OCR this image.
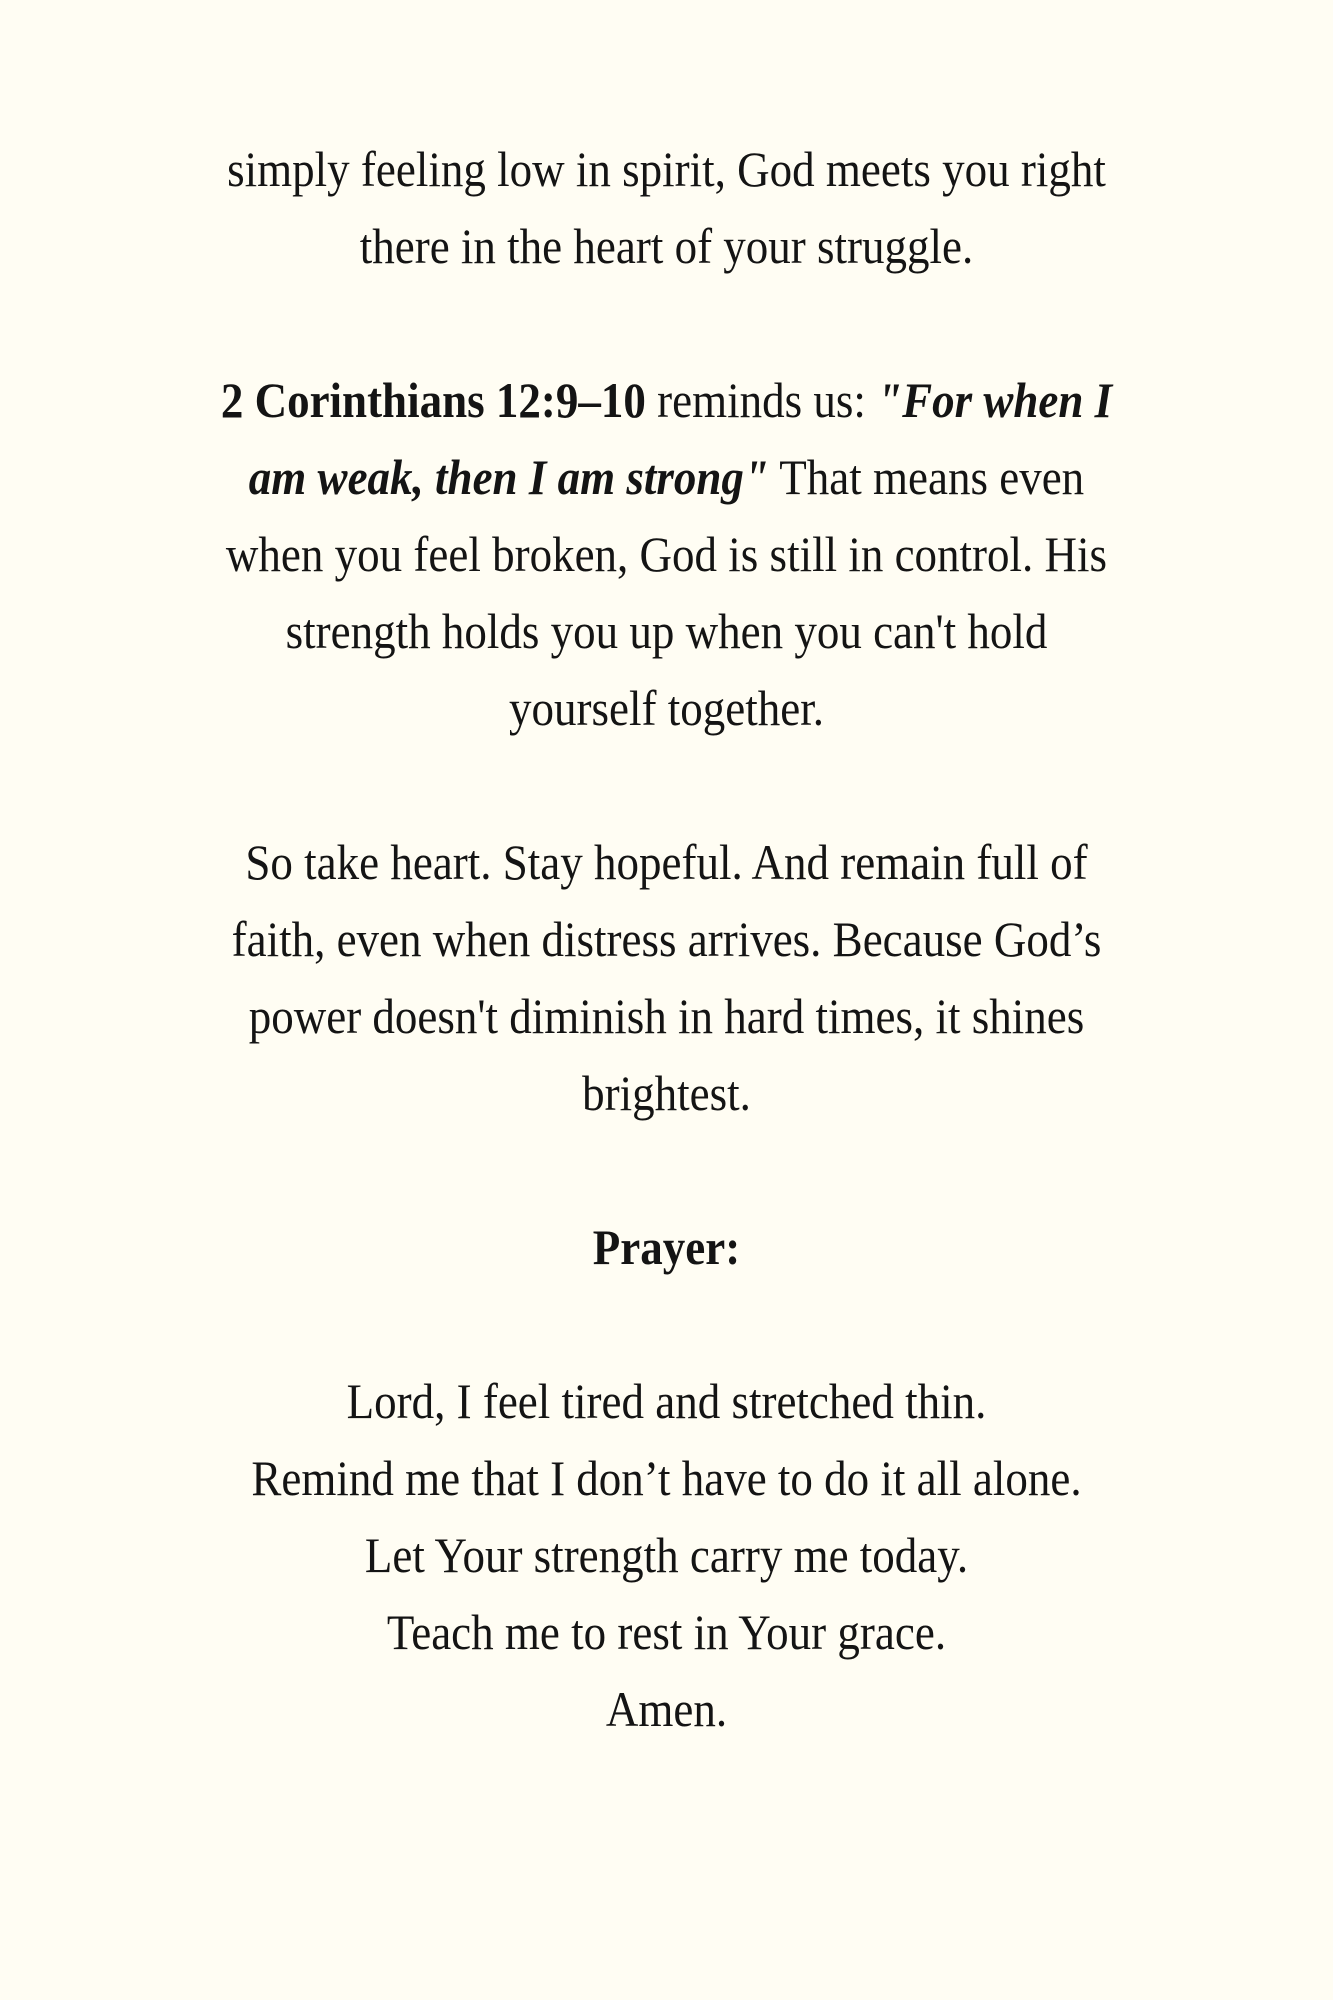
simply feeling low in spirit, God meets you right
there in the heart of your struggle.
2 Corinthians 12:9–10 reminds us: "For when I
am weak, then I am strong" That means even
when you feel broken, God is still in control. His
strength holds you up when you can't hold
yourself together.
So take heart. Stay hopeful. And remain full of
faith, even when distress arrives. Because God’s
power doesn't diminish in hard times, it shines
brightest.
Prayer:
Lord, I feel tired and stretched thin.
Remind me that I don’t have to do it all alone.
Let Your strength carry me today.
Teach me to rest in Your grace.
Amen.
